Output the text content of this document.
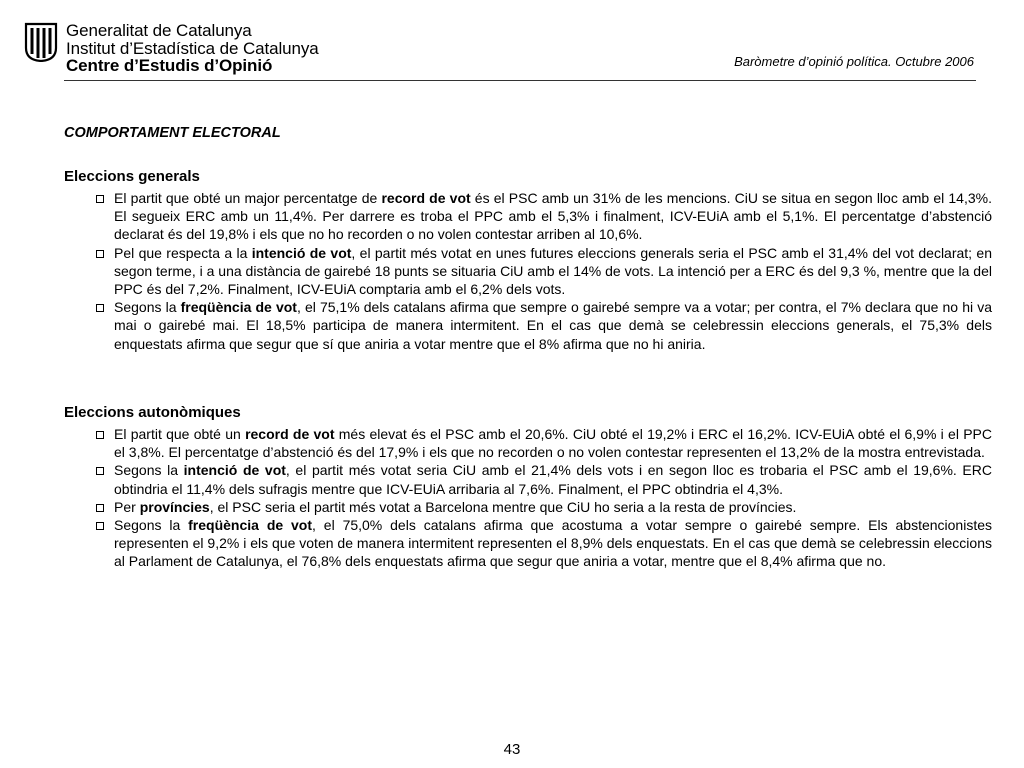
Generalitat de Catalunya
Institut d’Estadística de Catalunya
Centre d’Estudis d’Opinió	Baròmetre d’opinió política. Octubre 2006
COMPORTAMENT ELECTORAL
Eleccions generals
El partit que obté un major percentatge de record de vot és el PSC amb un 31% de les mencions. CiU se situa en segon lloc amb el 14,3%. El segueix ERC amb un 11,4%. Per darrere es troba el PPC amb el 5,3% i finalment, ICV-EUiA amb el 5,1%. El percentatge d’abstenció declarat és del 19,8% i els que no ho recorden o no volen contestar arriben al 10,6%.
Pel que respecta a la intenció de vot, el partit més votat en unes futures eleccions generals seria el PSC amb el 31,4% del vot declarat; en segon terme, i a una distància de gairebé 18 punts se situaria CiU amb el 14% de vots. La intenció per a ERC és del 9,3 %, mentre que la del PPC és del 7,2%. Finalment, ICV-EUiA comptaria amb el 6,2% dels vots.
Segons la freqüència de vot, el 75,1% dels catalans afirma que sempre o gairebé sempre va a votar; per contra, el 7% declara que no hi va mai o gairebé mai. El 18,5% participa de manera intermitent. En el cas que demà se celebressin eleccions generals, el 75,3% dels enquestats afirma que segur que sí que aniria a votar mentre que el 8% afirma que no hi aniria.
Eleccions autonòmiques
El partit que obté un record de vot més elevat és el PSC amb el 20,6%. CiU obté el 19,2% i ERC el 16,2%. ICV-EUiA obté el 6,9% i el PPC el 3,8%. El percentatge d’abstenció és del 17,9% i els que no recorden o no volen contestar representen el 13,2% de la mostra entrevistada.
Segons la intenció de vot, el partit més votat seria CiU amb el 21,4% dels vots i en segon lloc es trobaria el PSC amb el 19,6%. ERC obtindria el 11,4% dels sufragis mentre que ICV-EUiA arribaria al 7,6%. Finalment, el PPC obtindria el 4,3%.
Per províncies, el PSC seria el partit més votat a Barcelona mentre que CiU ho seria a la resta de províncies.
Segons la freqüència de vot, el 75,0% dels catalans afirma que acostuma a votar sempre o gairebé sempre. Els abstencionistes representen el 9,2% i els que voten de manera intermitent representen el 8,9% dels enquestats. En el cas que demà se celebressin eleccions al Parlament de Catalunya, el 76,8% dels enquestats afirma que segur que aniria a votar, mentre que el 8,4% afirma que no.
43
